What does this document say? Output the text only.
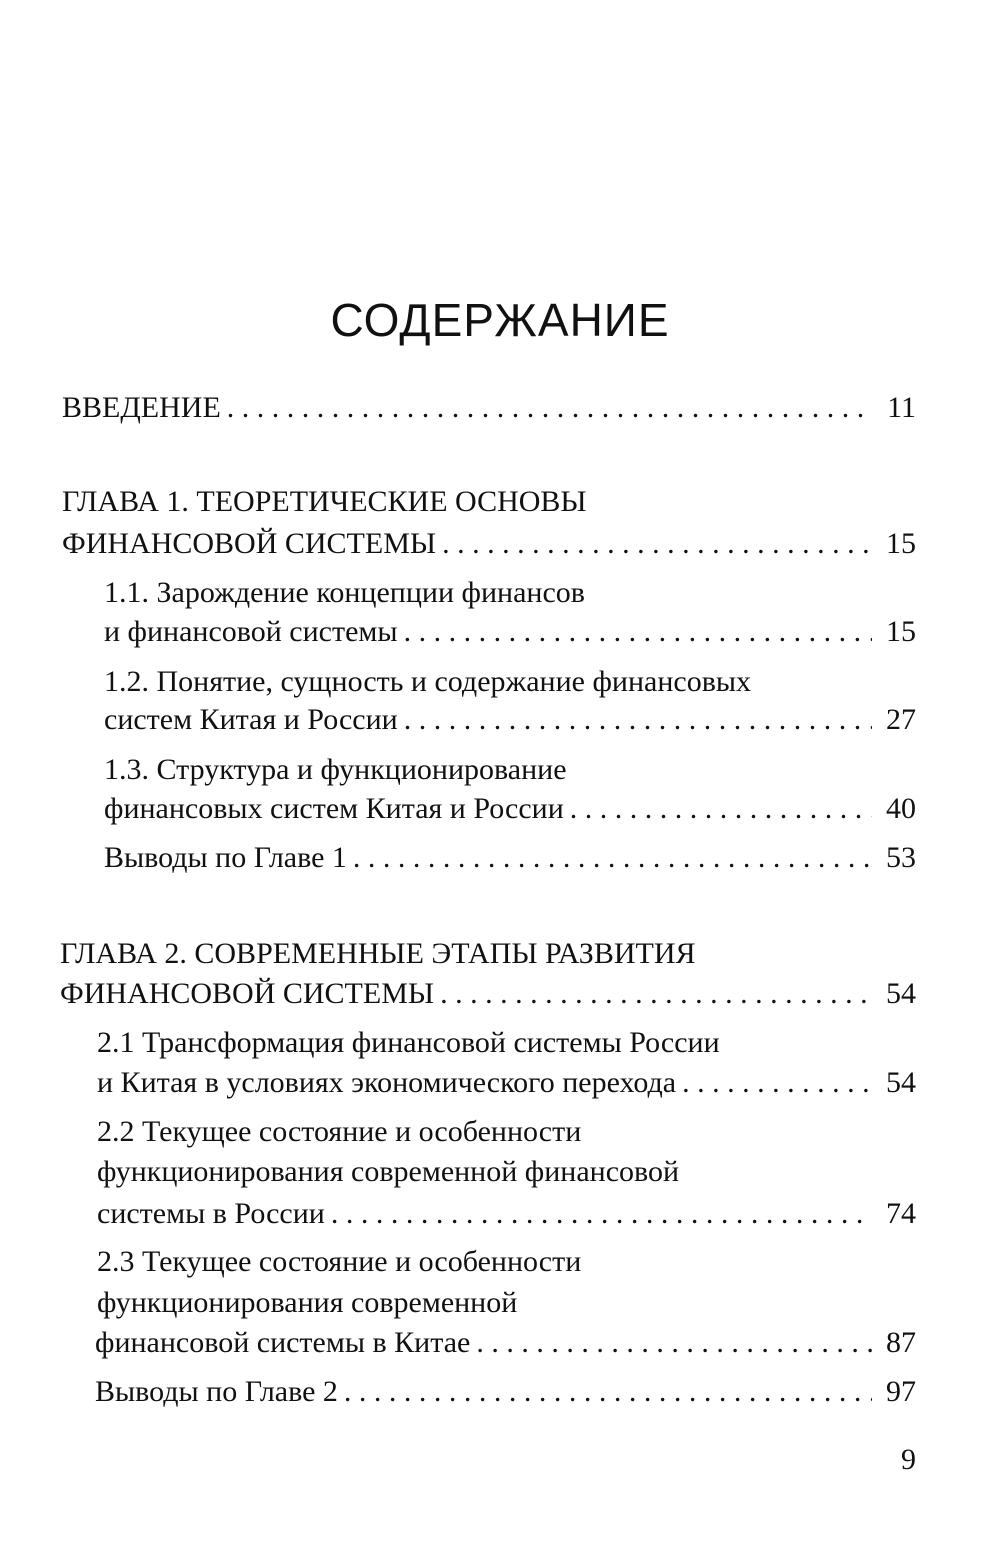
СОДЕРЖАНИЕ
ВВЕДЕНИЕ . . .	11
ГЛАВА 1. ТЕОРЕТИЧЕСКИЕ ОСНОВЫ
ФИНАНСОВОЙ СИСТЕМЫ . . .	15
1.1. Зарождение концепции финансов
и финансовой системы . . .	15
1.2. Понятие, сущность и содержание финансовых
систем Китая и России . . .	27
1.3. Структура и функционирование
финансовых систем Китая и России . . .	40
Выводы по Главе 1 . . .	53
ГЛАВА 2. СОВРЕМЕННЫЕ ЭТАПЫ РАЗВИТИЯ
ФИНАНСОВОЙ СИСТЕМЫ . . .	54
2.1 Трансформация финансовой системы России
и Китая в условиях экономического перехода . . .	54
2.2 Текущее состояние и особенности
функционирования современной финансовой
системы в России . . .	74
2.3 Текущее состояние и особенности
функционирования современной
финансовой системы в Китае . . .	87
Выводы по Главе 2 . . .	97
9
